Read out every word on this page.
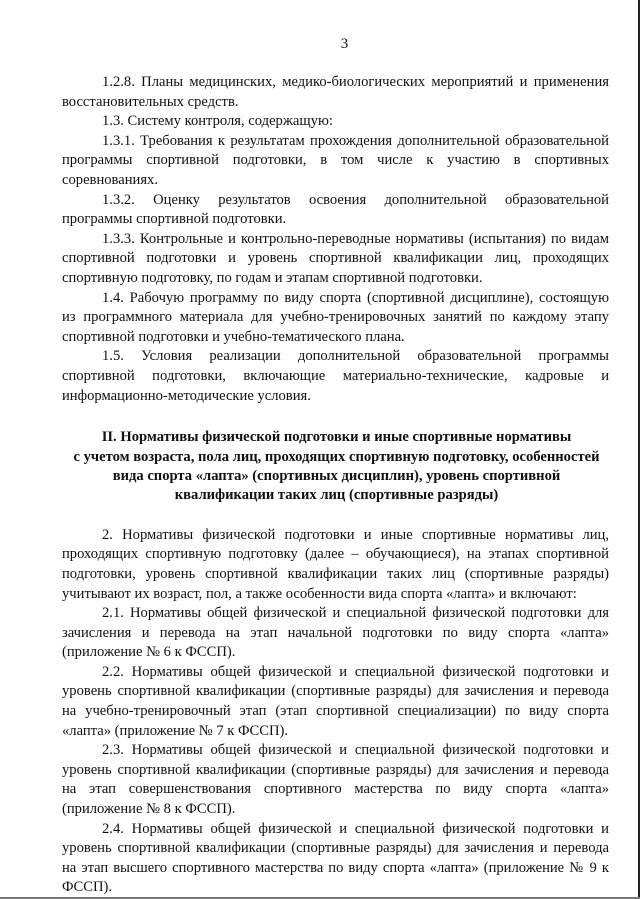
3

1.2.8. Планы медицинских, медико-биологических мероприятий и применения восстановительных средств.

1.3. Систему контроля, содержащую:

1.3.1. Требования к результатам прохождения дополнительной образовательной программы спортивной подготовки, в том числе к участию в спортивных соревнованиях.

1.3.2. Оценку результатов освоения дополнительной образовательной программы спортивной подготовки.

1.3.3. Контрольные и контрольно-переводные нормативы (испытания) по видам спортивной подготовки и уровень спортивной квалификации лиц, проходящих спортивную подготовку, по годам и этапам спортивной подготовки.

1.4. Рабочую программу по виду спорта (спортивной дисциплине), состоящую из программного материала для учебно-тренировочных занятий по каждому этапу спортивной подготовки и учебно-тематического плана.

1.5. Условия реализации дополнительной образовательной программы спортивной подготовки, включающие материально-технические, кадровые и информационно-методические условия.

II. Нормативы физической подготовки и иные спортивные нормативы
с учетом возраста, пола лиц, проходящих спортивную подготовку, особенностей
вида спорта «лапта» (спортивных дисциплин), уровень спортивной
квалификации таких лиц (спортивные разряды)

2. Нормативы физической подготовки и иные спортивные нормативы лиц, проходящих спортивную подготовку (далее – обучающиеся), на этапах спортивной подготовки, уровень спортивной квалификации таких лиц (спортивные разряды) учитывают их возраст, пол, а также особенности вида спорта «лапта» и включают:

2.1. Нормативы общей физической и специальной физической подготовки для зачисления и перевода на этап начальной подготовки по виду спорта «лапта» (приложение № 6 к ФССП).

2.2. Нормативы общей физической и специальной физической подготовки и уровень спортивной квалификации (спортивные разряды) для зачисления и перевода на учебно-тренировочный этап (этап спортивной специализации) по виду спорта «лапта» (приложение № 7 к ФССП).

2.3. Нормативы общей физической и специальной физической подготовки и уровень спортивной квалификации (спортивные разряды) для зачисления и перевода на этап совершенствования спортивного мастерства по виду спорта «лапта» (приложение № 8 к ФССП).

2.4. Нормативы общей физической и специальной физической подготовки и уровень спортивной квалификации (спортивные разряды) для зачисления и перевода на этап высшего спортивного мастерства по виду спорта «лапта» (приложение № 9 к ФССП).
